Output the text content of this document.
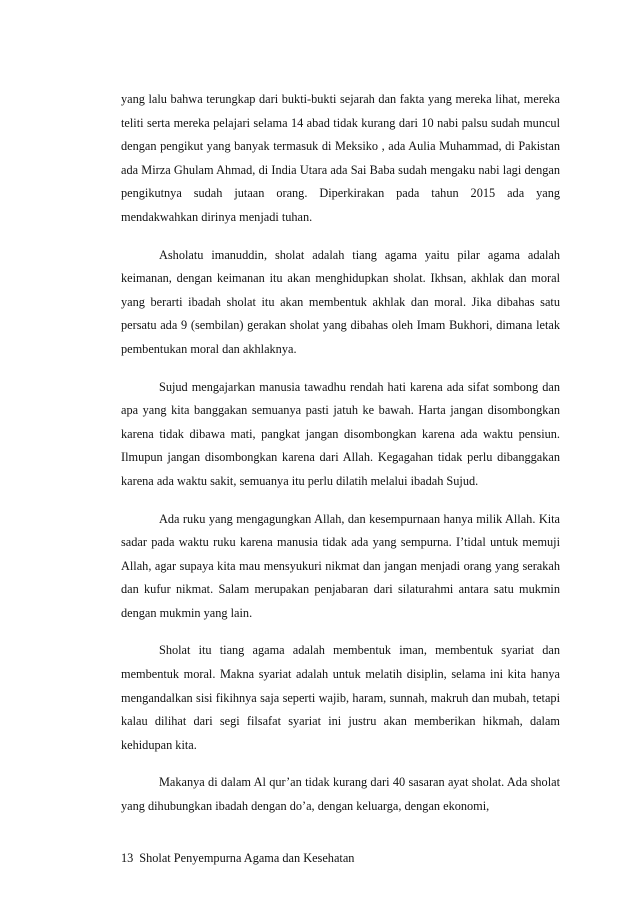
yang lalu bahwa terungkap dari bukti-bukti sejarah dan fakta yang mereka lihat, mereka teliti serta mereka pelajari selama 14 abad tidak kurang dari 10 nabi palsu sudah muncul dengan pengikut yang banyak termasuk di Meksiko , ada Aulia Muhammad, di Pakistan ada Mirza Ghulam Ahmad, di India Utara ada Sai Baba sudah mengaku nabi lagi dengan pengikutnya sudah jutaan orang. Diperkirakan pada tahun 2015 ada yang mendakwahkan dirinya menjadi tuhan.

Asholatu imanuddin, sholat adalah tiang agama yaitu pilar agama adalah keimanan, dengan keimanan itu akan menghidupkan sholat. Ikhsan, akhlak dan moral yang berarti ibadah sholat itu akan membentuk akhlak dan moral. Jika dibahas satu persatu ada 9 (sembilan) gerakan sholat yang dibahas oleh Imam Bukhori, dimana letak pembentukan moral dan akhlaknya.

Sujud mengajarkan manusia tawadhu rendah hati karena ada sifat sombong dan apa yang kita banggakan semuanya pasti jatuh ke bawah. Harta jangan disombongkan karena tidak dibawa mati, pangkat jangan disombongkan karena ada waktu pensiun. Ilmupun jangan disombongkan karena dari Allah. Kegagahan tidak perlu dibanggakan karena ada waktu sakit, semuanya itu perlu dilatih melalui ibadah Sujud.

Ada ruku yang mengagungkan Allah, dan kesempurnaan hanya milik Allah. Kita sadar pada waktu ruku karena manusia tidak ada yang sempurna. I’tidal untuk memuji Allah, agar supaya kita mau mensyukuri nikmat dan jangan menjadi orang yang serakah dan kufur nikmat. Salam merupakan penjabaran dari silaturahmi antara satu mukmin dengan mukmin yang lain.

Sholat itu tiang agama adalah membentuk iman, membentuk syariat dan membentuk moral. Makna syariat adalah untuk melatih disiplin, selama ini kita hanya mengandalkan sisi fikihnya saja seperti wajib, haram, sunnah, makruh dan mubah, tetapi kalau dilihat dari segi filsafat syariat ini justru akan memberikan hikmah, dalam kehidupan kita.

Makanya di dalam Al qur’an tidak kurang dari 40 sasaran ayat sholat. Ada sholat yang dihubungkan ibadah dengan do’a, dengan keluarga, dengan ekonomi,

13 Sholat Penyempurna Agama dan Kesehatan
